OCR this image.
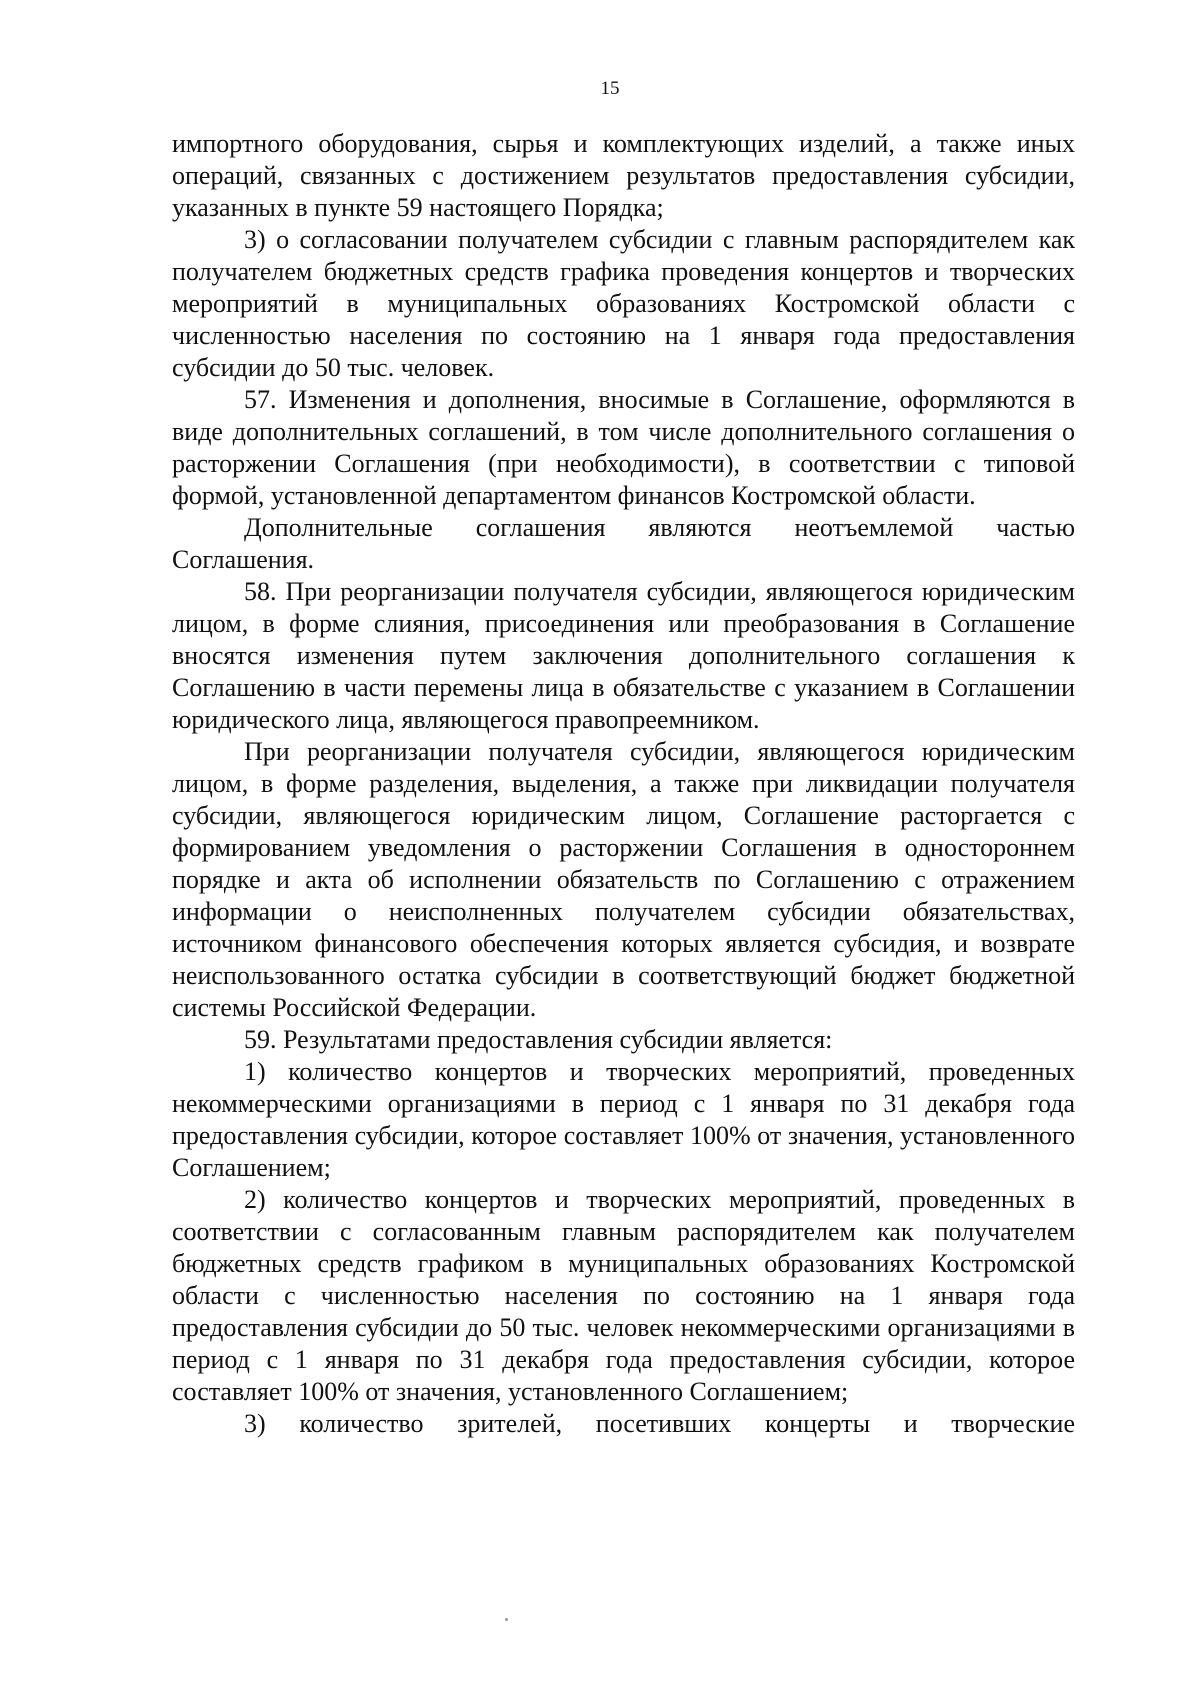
15

импортного оборудования, сырья и комплектующих изделий, а также иных операций, связанных с достижением результатов предоставления субсидии, указанных в пункте 59 настоящего Порядка;

3) о согласовании получателем субсидии с главным распорядителем как получателем бюджетных средств графика проведения концертов и творческих мероприятий в муниципальных образованиях Костромской области с численностью населения по состоянию на 1 января года предоставления субсидии до 50 тыс. человек.

57. Изменения и дополнения, вносимые в Соглашение, оформляются в виде дополнительных соглашений, в том числе дополнительного соглашения о расторжении Соглашения (при необходимости), в соответствии с типовой формой, установленной департаментом финансов Костромской области.

Дополнительные соглашения являются неотъемлемой частью Соглашения.

58. При реорганизации получателя субсидии, являющегося юридическим лицом, в форме слияния, присоединения или преобразования в Соглашение вносятся изменения путем заключения дополнительного соглашения к Соглашению в части перемены лица в обязательстве с указанием в Соглашении юридического лица, являющегося правопреемником.

При реорганизации получателя субсидии, являющегося юридическим лицом, в форме разделения, выделения, а также при ликвидации получателя субсидии, являющегося юридическим лицом, Соглашение расторгается с формированием уведомления о расторжении Соглашения в одностороннем порядке и акта об исполнении обязательств по Соглашению с отражением информации о неисполненных получателем субсидии обязательствах, источником финансового обеспечения которых является субсидия, и возврате неиспользованного остатка субсидии в соответствующий бюджет бюджетной системы Российской Федерации.

59. Результатами предоставления субсидии является:

1) количество концертов и творческих мероприятий, проведенных некоммерческими организациями в период с 1 января по 31 декабря года предоставления субсидии, которое составляет 100% от значения, установленного Соглашением;

2) количество концертов и творческих мероприятий, проведенных в соответствии с согласованным главным распорядителем как получателем бюджетных средств графиком в муниципальных образованиях Костромской области с численностью населения по состоянию на 1 января года предоставления субсидии до 50 тыс. человек некоммерческими организациями в период с 1 января по 31 декабря года предоставления субсидии, которое составляет 100% от значения, установленного Соглашением;

3) количество зрителей, посетивших концерты и творческие
